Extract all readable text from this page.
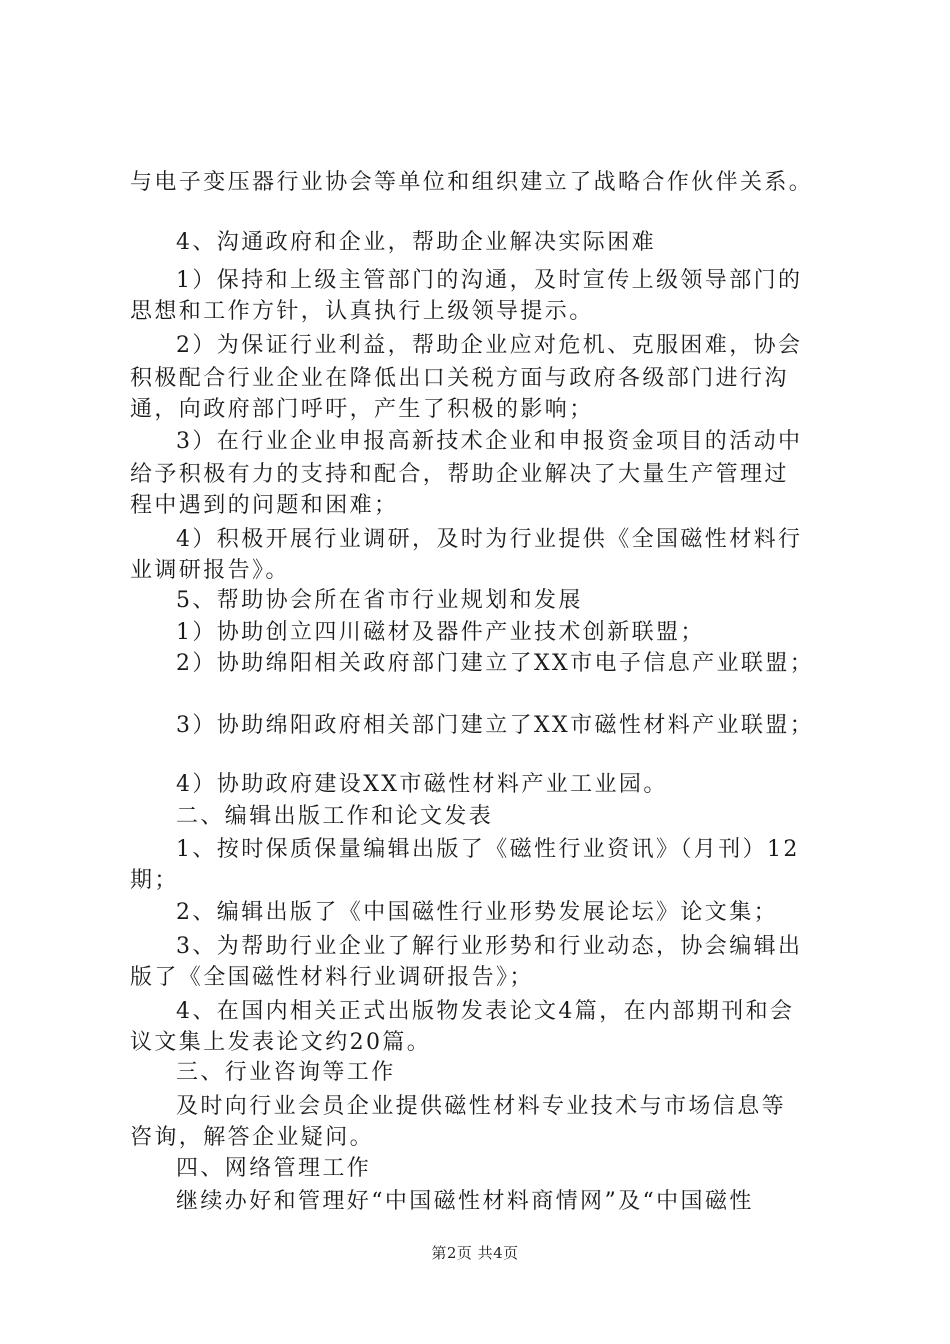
与电子变压器行业协会等单位和组织建立了战略合作伙伴关系。
4、沟通政府和企业，帮助企业解决实际困难
1）保持和上级主管部门的沟通，及时宣传上级领导部门的
思想和工作方针，认真执行上级领导提示。
2）为保证行业利益，帮助企业应对危机、克服困难，协会
积极配合行业企业在降低出口关税方面与政府各级部门进行沟
通，向政府部门呼吁，产生了积极的影响；
3）在行业企业申报高新技术企业和申报资金项目的活动中
给予积极有力的支持和配合，帮助企业解决了大量生产管理过
程中遇到的问题和困难；
4）积极开展行业调研，及时为行业提供《全国磁性材料行
业调研报告》。
5、帮助协会所在省市行业规划和发展
1）协助创立四川磁材及器件产业技术创新联盟；
2）协助绵阳相关政府部门建立了XX市电子信息产业联盟；
3）协助绵阳政府相关部门建立了XX市磁性材料产业联盟；
4）协助政府建设XX市磁性材料产业工业园。
二、编辑出版工作和论文发表
1、按时保质保量编辑出版了《磁性行业资讯》（月刊）12
期；
2、编辑出版了《中国磁性行业形势发展论坛》论文集；
3、为帮助行业企业了解行业形势和行业动态，协会编辑出
版了《全国磁性材料行业调研报告》；
4、在国内相关正式出版物发表论文4篇，在内部期刊和会
议文集上发表论文约20篇。
三、行业咨询等工作
及时向行业会员企业提供磁性材料专业技术与市场信息等
咨询，解答企业疑问。
四、网络管理工作
继续办好和管理好“中国磁性材料商情网”及“中国磁性
第2页 共4页
